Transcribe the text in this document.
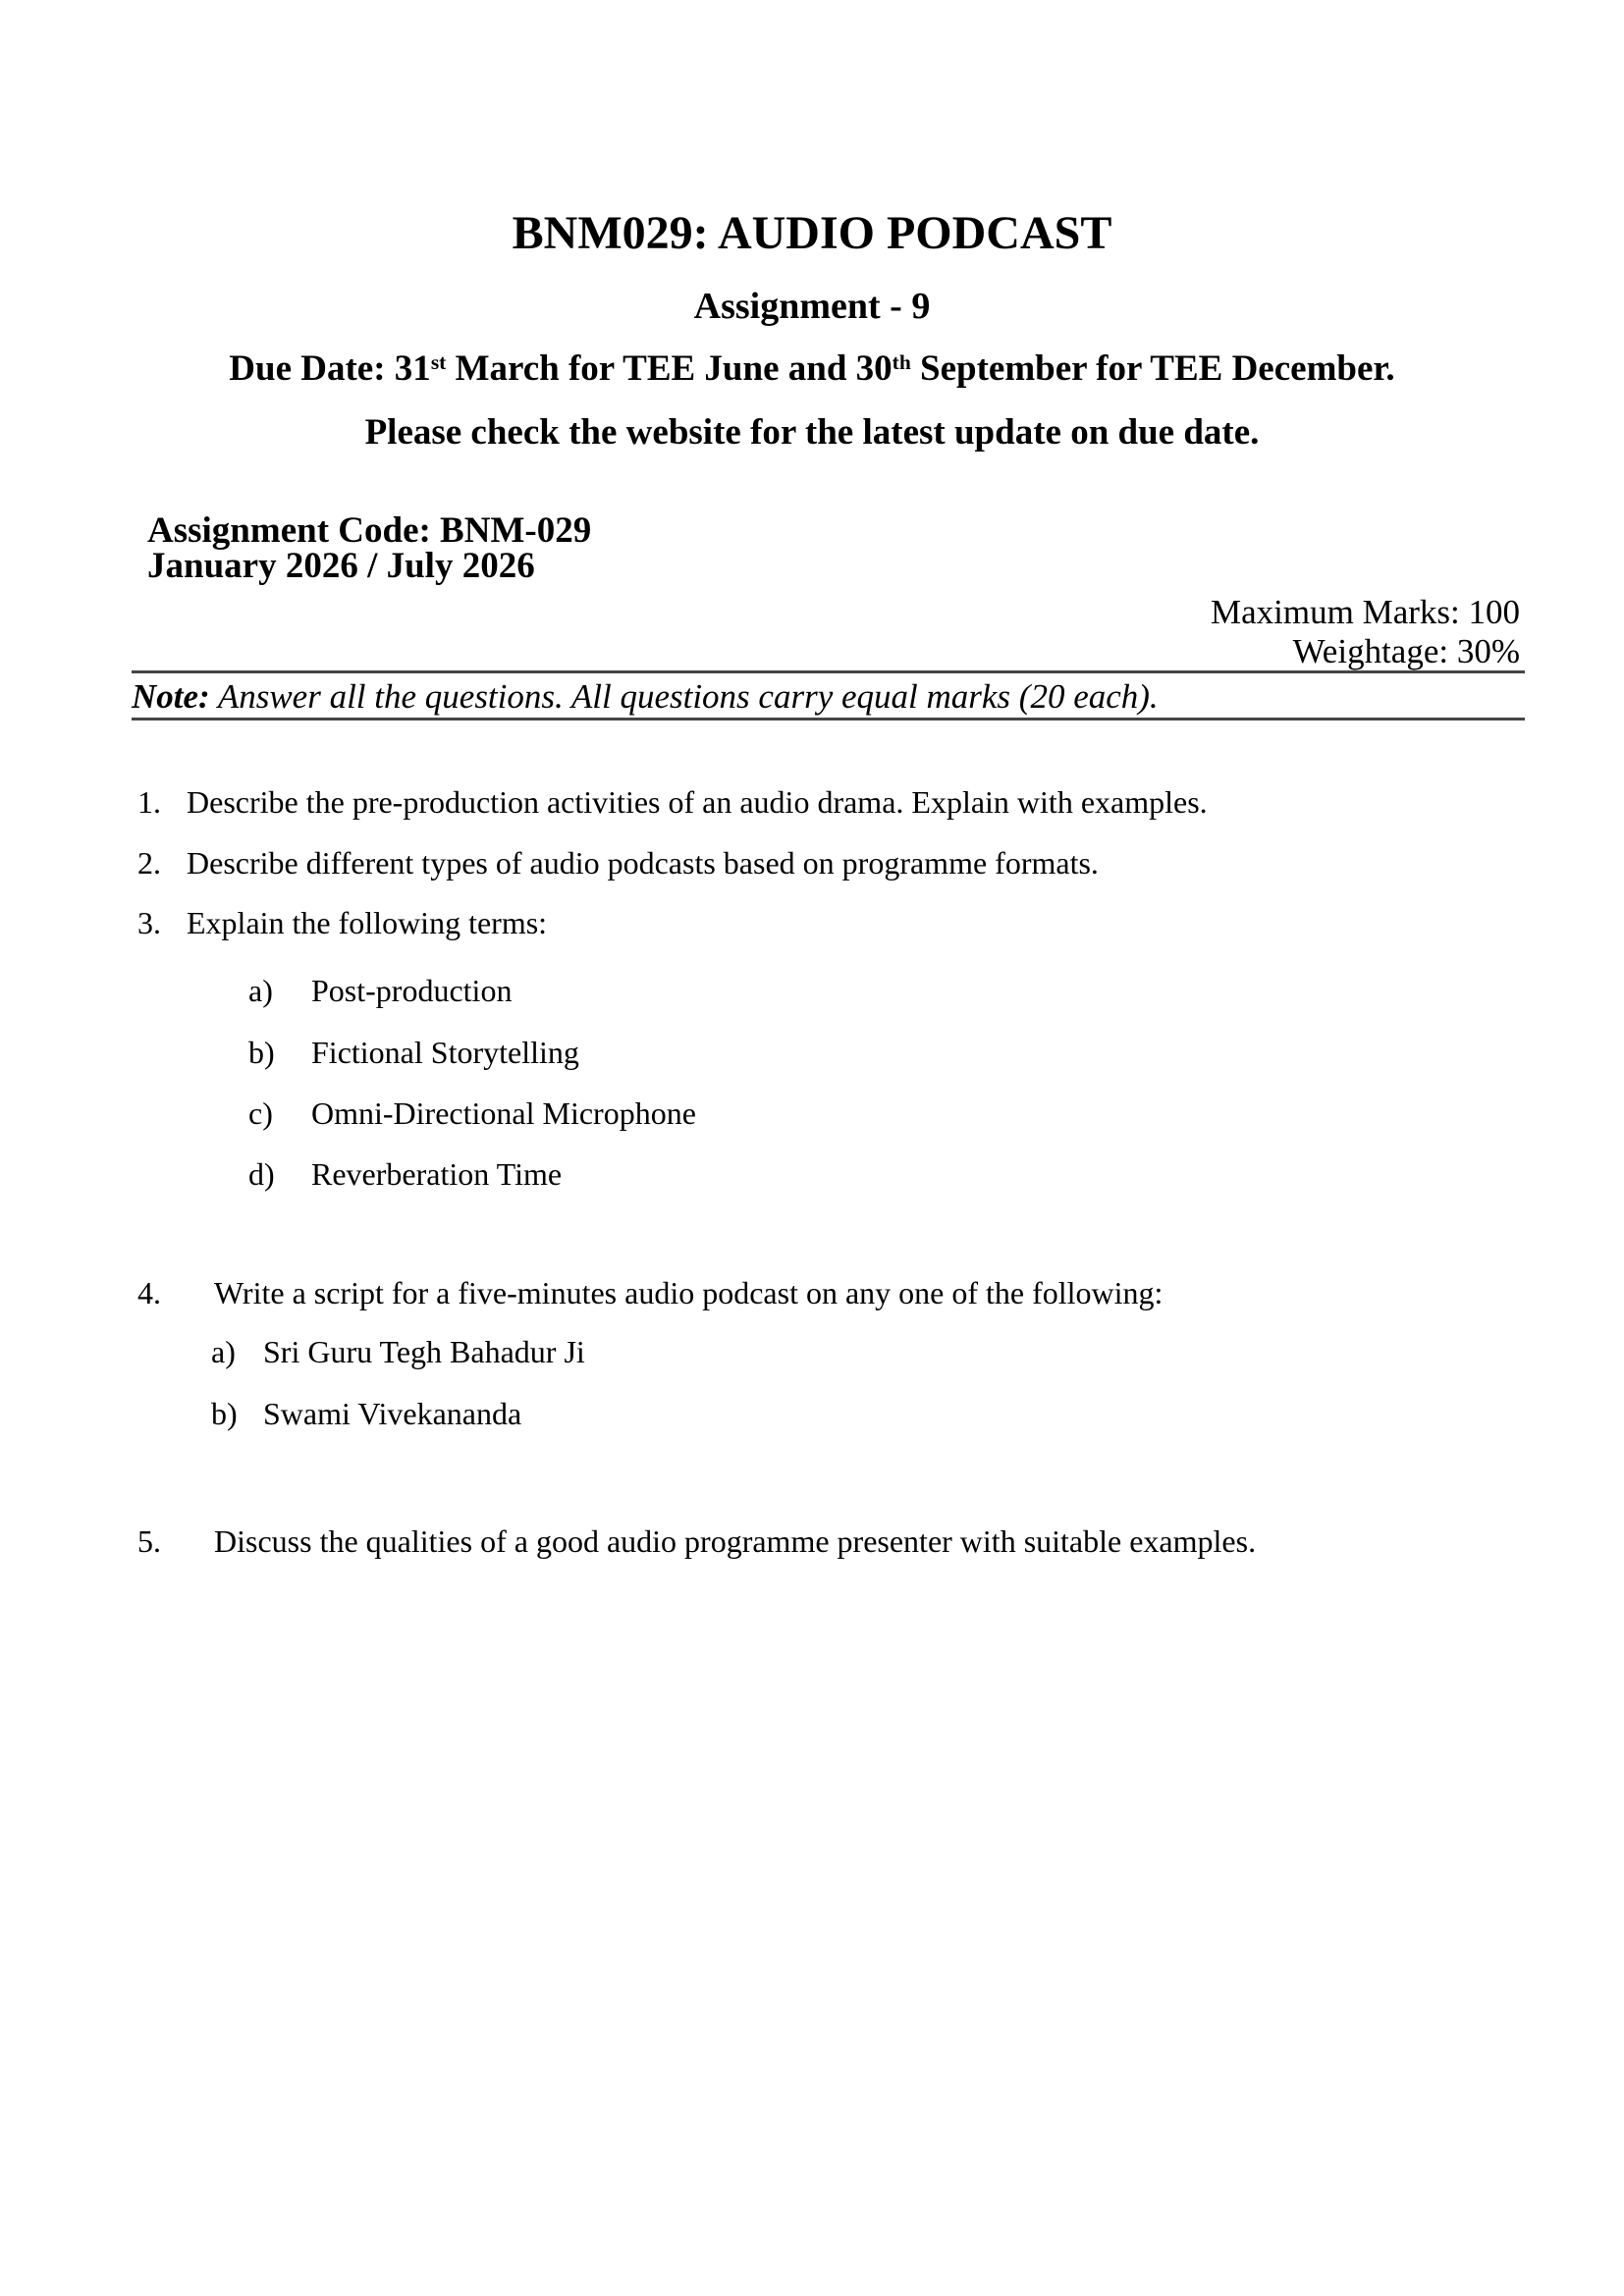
BNM029: AUDIO PODCAST
Assignment - 9
Due Date: 31st March for TEE June and 30th September for TEE December.
Please check the website for the latest update on due date.
Assignment Code: BNM-029
January 2026 / July 2026
Maximum Marks: 100
Weightage: 30%
Note: Answer all the questions. All questions carry equal marks (20 each).
1. Describe the pre-production activities of an audio drama. Explain with examples.
2. Describe different types of audio podcasts based on programme formats.
3. Explain the following terms:
a) Post-production
b) Fictional Storytelling
c) Omni-Directional Microphone
d) Reverberation Time
4. Write a script for a five-minutes audio podcast on any one of the following:
a) Sri Guru Tegh Bahadur Ji
b) Swami Vivekananda
5. Discuss the qualities of a good audio programme presenter with suitable examples.
